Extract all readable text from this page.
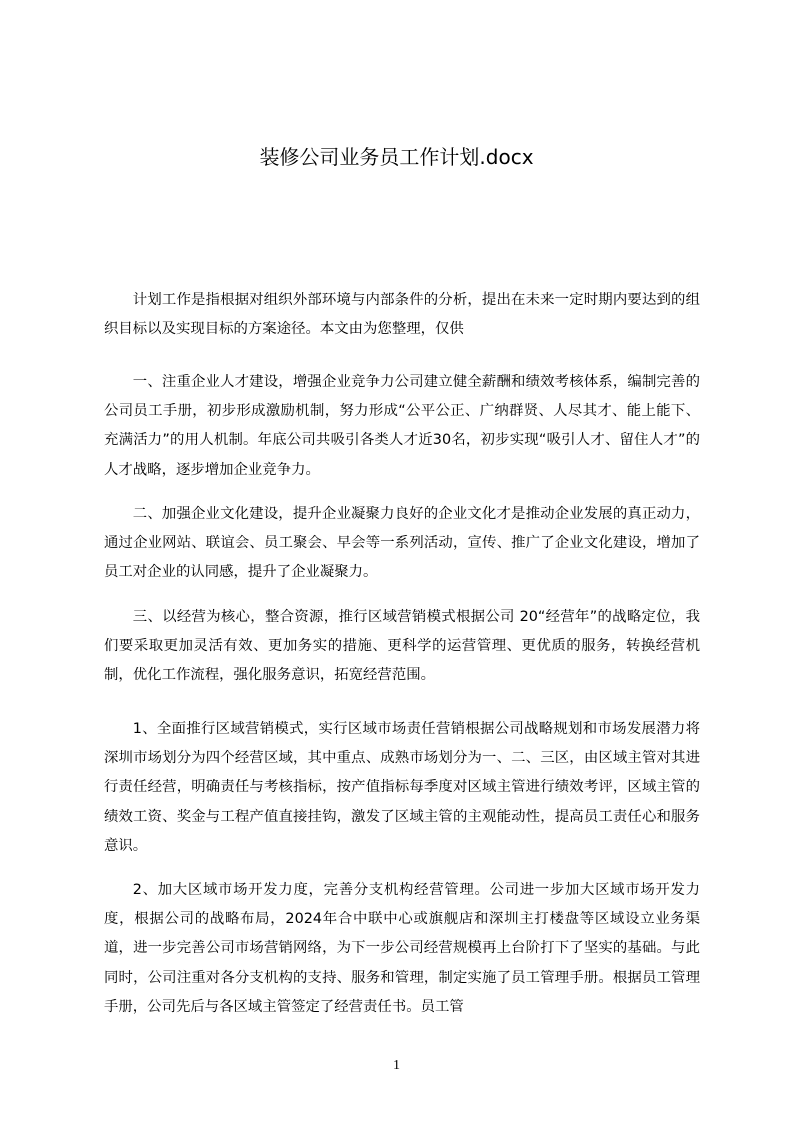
装修公司业务员工作计划.docx

计划工作是指根据对组织外部环境与内部条件的分析，提出在未来一定时期内要达到的组织目标以及实现目标的方案途径。本文由为您整理，仅供

一、注重企业人才建设，增强企业竞争力公司建立健全薪酬和绩效考核体系，编制完善的公司员工手册，初步形成激励机制，努力形成“公平公正、广纳群贤、人尽其才、能上能下、充满活力”的用人机制。年底公司共吸引各类人才近30名，初步实现“吸引人才、留住人才”的人才战略，逐步增加企业竞争力。

二、加强企业文化建设，提升企业凝聚力良好的企业文化才是推动企业发展的真正动力，通过企业网站、联谊会、员工聚会、早会等一系列活动，宣传、推广了企业文化建设，增加了员工对企业的认同感，提升了企业凝聚力。

三、以经营为核心，整合资源，推行区域营销模式根据公司 20“经营年”的战略定位，我们要采取更加灵活有效、更加务实的措施、更科学的运营管理、更优质的服务，转换经营机制，优化工作流程，强化服务意识，拓宽经营范围。

1、全面推行区域营销模式，实行区域市场责任营销根据公司战略规划和市场发展潜力将深圳市场划分为四个经营区域，其中重点、成熟市场划分为一、二、三区，由区域主管对其进行责任经营，明确责任与考核指标，按产值指标每季度对区域主管进行绩效考评，区域主管的绩效工资、奖金与工程产值直接挂钩，激发了区域主管的主观能动性，提高员工责任心和服务意识。

2、加大区域市场开发力度，完善分支机构经营管理。公司进一步加大区域市场开发力度，根据公司的战略布局，2024年合中联中心或旗舰店和深圳主打楼盘等区域设立业务渠道，进一步完善公司市场营销网络，为下一步公司经营规模再上台阶打下了坚实的基础。与此同时，公司注重对各分支机构的支持、服务和管理，制定实施了员工管理手册。根据员工管理手册，公司先后与各区域主管签定了经营责任书。员工管

1
